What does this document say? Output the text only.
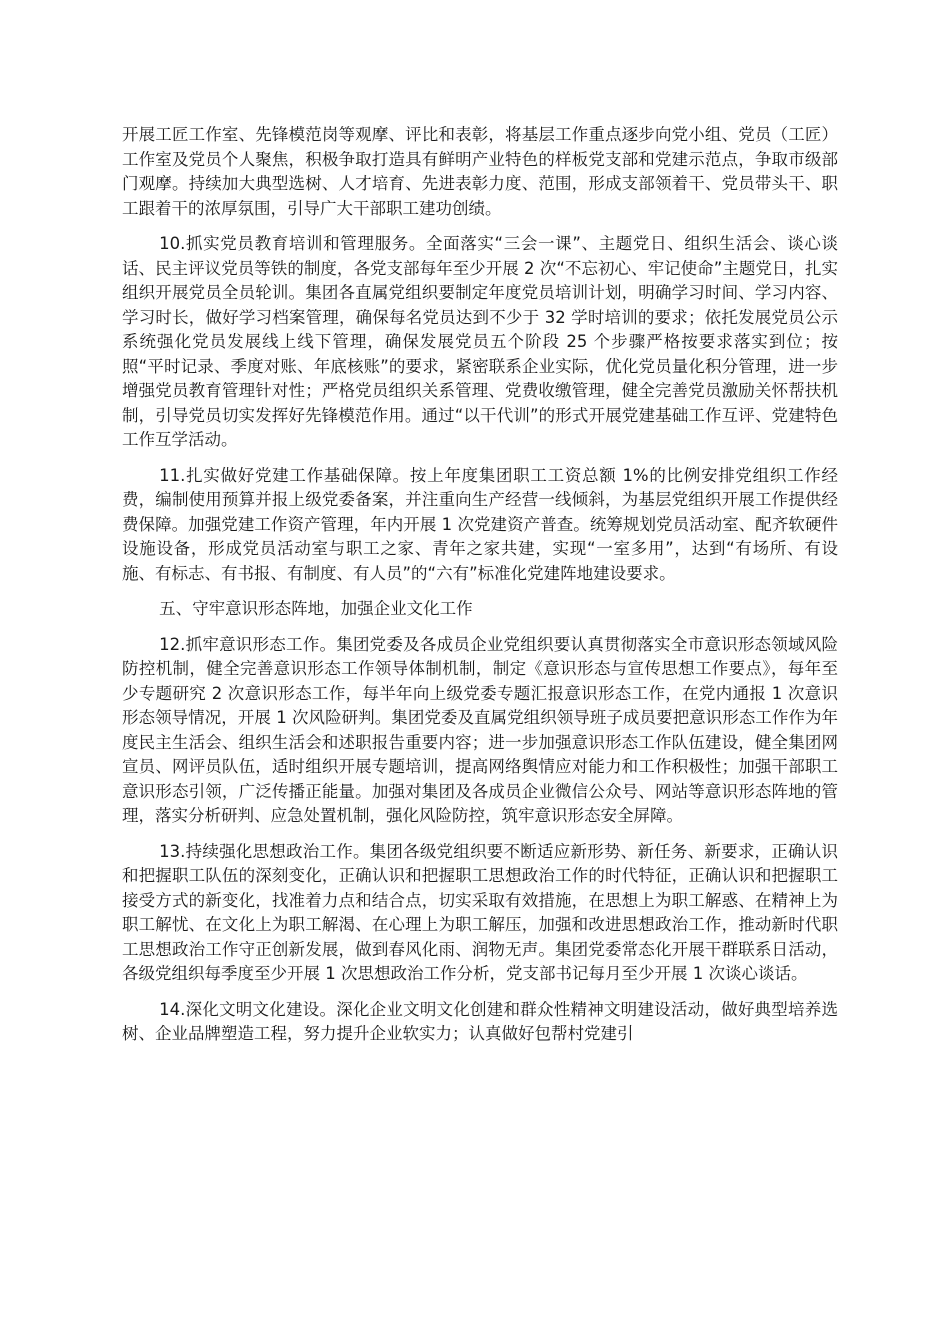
开展工匠工作室、先锋模范岗等观摩、评比和表彰，将基层工作重点逐步向党小组、党员（工匠）工作室及党员个人聚焦，积极争取打造具有鲜明产业特色的样板党支部和党建示范点，争取市级部门观摩。持续加大典型选树、人才培育、先进表彰力度、范围，形成支部领着干、党员带头干、职工跟着干的浓厚氛围，引导广大干部职工建功创绩。

10.抓实党员教育培训和管理服务。全面落实“三会一课”、主题党日、组织生活会、谈心谈话、民主评议党员等铁的制度，各党支部每年至少开展 2 次“不忘初心、牢记使命”主题党日，扎实组织开展党员全员轮训。集团各直属党组织要制定年度党员培训计划，明确学习时间、学习内容、学习时长，做好学习档案管理，确保每名党员达到不少于 32 学时培训的要求；依托发展党员公示系统强化党员发展线上线下管理，确保发展党员五个阶段 25 个步骤严格按要求落实到位；按照“平时记录、季度对账、年底核账”的要求，紧密联系企业实际，优化党员量化积分管理，进一步增强党员教育管理针对性；严格党员组织关系管理、党费收缴管理，健全完善党员激励关怀帮扶机制，引导党员切实发挥好先锋模范作用。通过“以干代训”的形式开展党建基础工作互评、党建特色工作互学活动。

11.扎实做好党建工作基础保障。按上年度集团职工工资总额 1%的比例安排党组织工作经费，编制使用预算并报上级党委备案，并注重向生产经营一线倾斜，为基层党组织开展工作提供经费保障。加强党建工作资产管理，年内开展 1 次党建资产普查。统筹规划党员活动室、配齐软硬件设施设备，形成党员活动室与职工之家、青年之家共建，实现“一室多用”，达到“有场所、有设施、有标志、有书报、有制度、有人员”的“六有”标准化党建阵地建设要求。

五、守牢意识形态阵地，加强企业文化工作

12.抓牢意识形态工作。集团党委及各成员企业党组织要认真贯彻落实全市意识形态领域风险防控机制，健全完善意识形态工作领导体制机制，制定《意识形态与宣传思想工作要点》，每年至少专题研究 2 次意识形态工作，每半年向上级党委专题汇报意识形态工作，在党内通报 1 次意识形态领导情况，开展 1 次风险研判。集团党委及直属党组织领导班子成员要把意识形态工作作为年度民主生活会、组织生活会和述职报告重要内容；进一步加强意识形态工作队伍建设，健全集团网宣员、网评员队伍，适时组织开展专题培训，提高网络舆情应对能力和工作积极性；加强干部职工意识形态引领，广泛传播正能量。加强对集团及各成员企业微信公众号、网站等意识形态阵地的管理，落实分析研判、应急处置机制，强化风险防控，筑牢意识形态安全屏障。

13.持续强化思想政治工作。集团各级党组织要不断适应新形势、新任务、新要求，正确认识和把握职工队伍的深刻变化，正确认识和把握职工思想政治工作的时代特征，正确认识和把握职工接受方式的新变化，找准着力点和结合点，切实采取有效措施，在思想上为职工解惑、在精神上为职工解忧、在文化上为职工解渴、在心理上为职工解压，加强和改进思想政治工作，推动新时代职工思想政治工作守正创新发展，做到春风化雨、润物无声。集团党委常态化开展干群联系日活动，各级党组织每季度至少开展 1 次思想政治工作分析，党支部书记每月至少开展 1 次谈心谈话。

14.深化文明文化建设。深化企业文明文化创建和群众性精神文明建设活动，做好典型培养选树、企业品牌塑造工程，努力提升企业软实力；认真做好包帮村党建引
